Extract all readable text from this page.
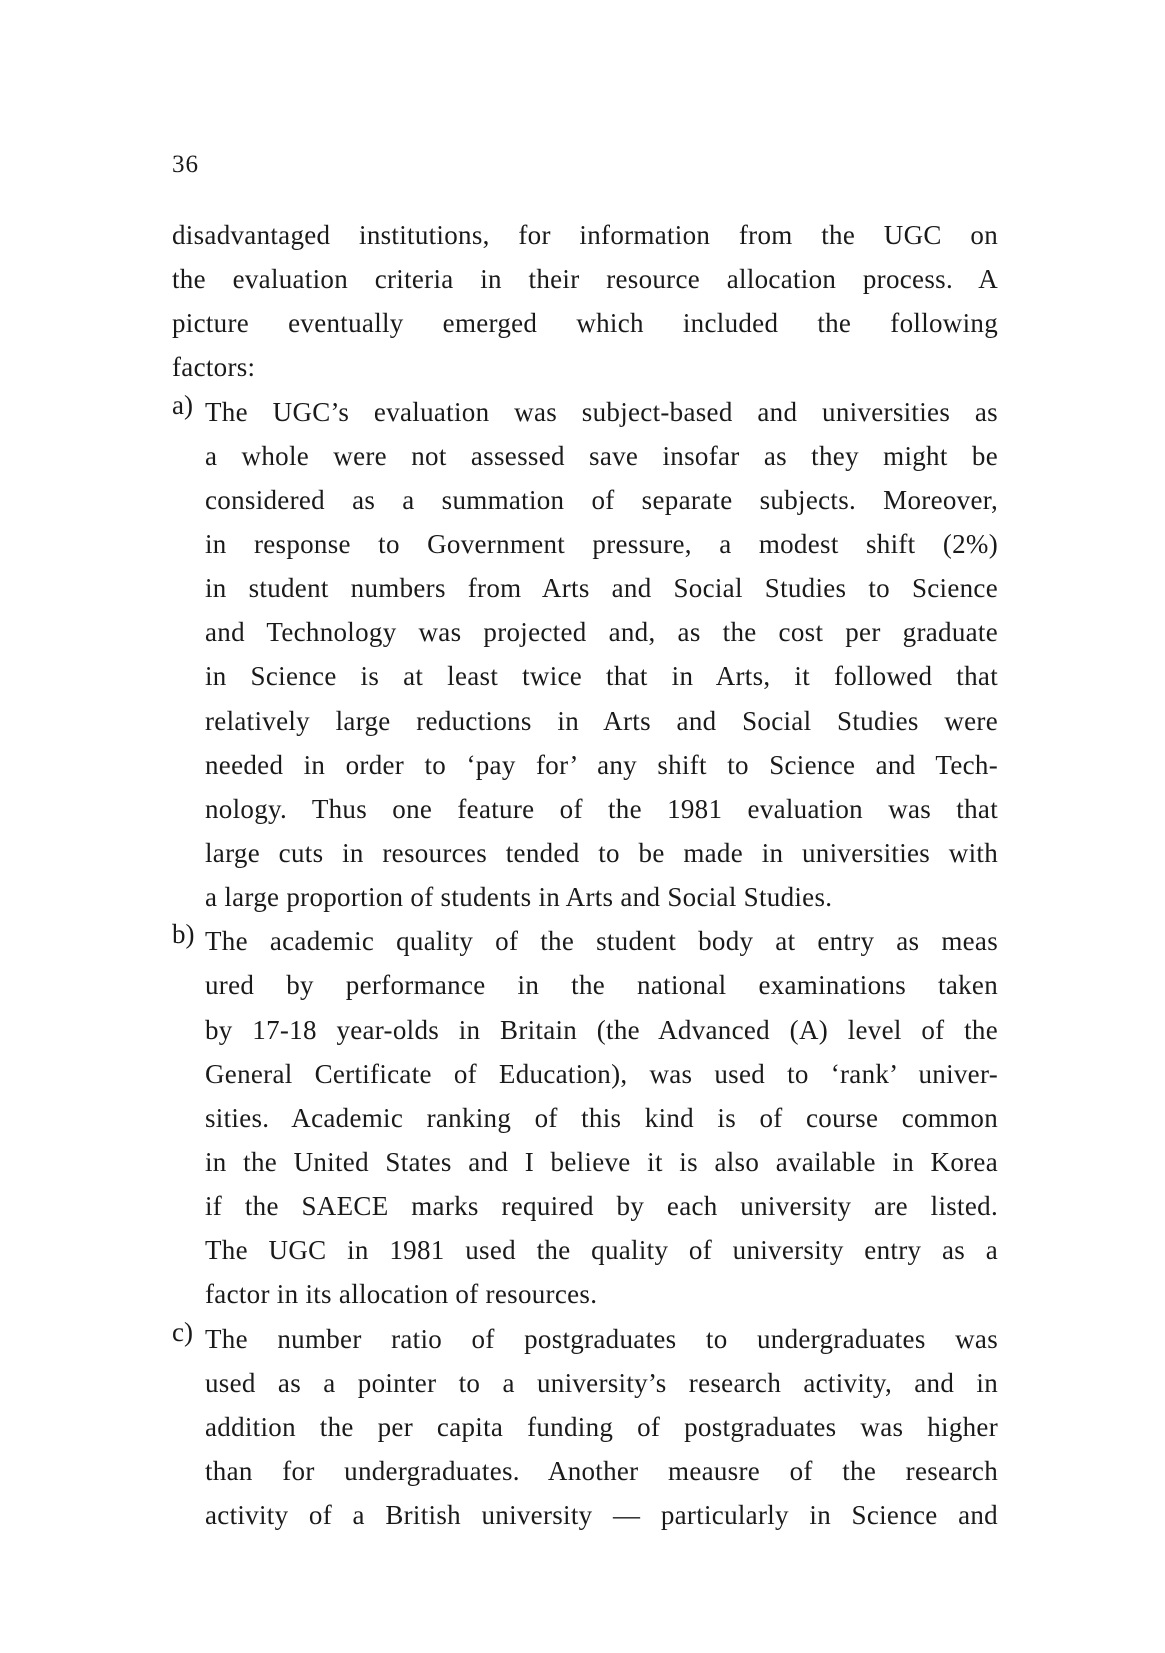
36
disadvantaged institutions, for information from the UGC on
the evaluation criteria in their resource allocation process. A
picture eventually emerged which included the following
factors:
a) The UGC’s evaluation was subject-based and universities as
a whole were not assessed save insofar as they might be
considered as a summation of separate subjects. Moreover,
in response to Government pressure, a modest shift (2%)
in student numbers from Arts and Social Studies to Science
and Technology was projected and, as the cost per graduate
in Science is at least twice that in Arts, it followed that
relatively large reductions in Arts and Social Studies were
needed in order to ‘pay for’ any shift to Science and Tech-
nology. Thus one feature of the 1981 evaluation was that
large cuts in resources tended to be made in universities with
a large proportion of students in Arts and Social Studies.
b) The academic quality of the student body at entry as meas
ured by performance in the national examinations taken
by 17-18 year-olds in Britain (the Advanced (A) level of the
General Certificate of Education), was used to ‘rank’ univer-
sities. Academic ranking of this kind is of course common
in the United States and I believe it is also available in Korea
if the SAECE marks required by each university are listed.
The UGC in 1981 used the quality of university entry as a
factor in its allocation of resources.
c) The number ratio of postgraduates to undergraduates was
used as a pointer to a university’s research activity, and in
addition the per capita funding of postgraduates was higher
than for undergraduates. Another meausre of the research
activity of a British university — particularly in Science and
